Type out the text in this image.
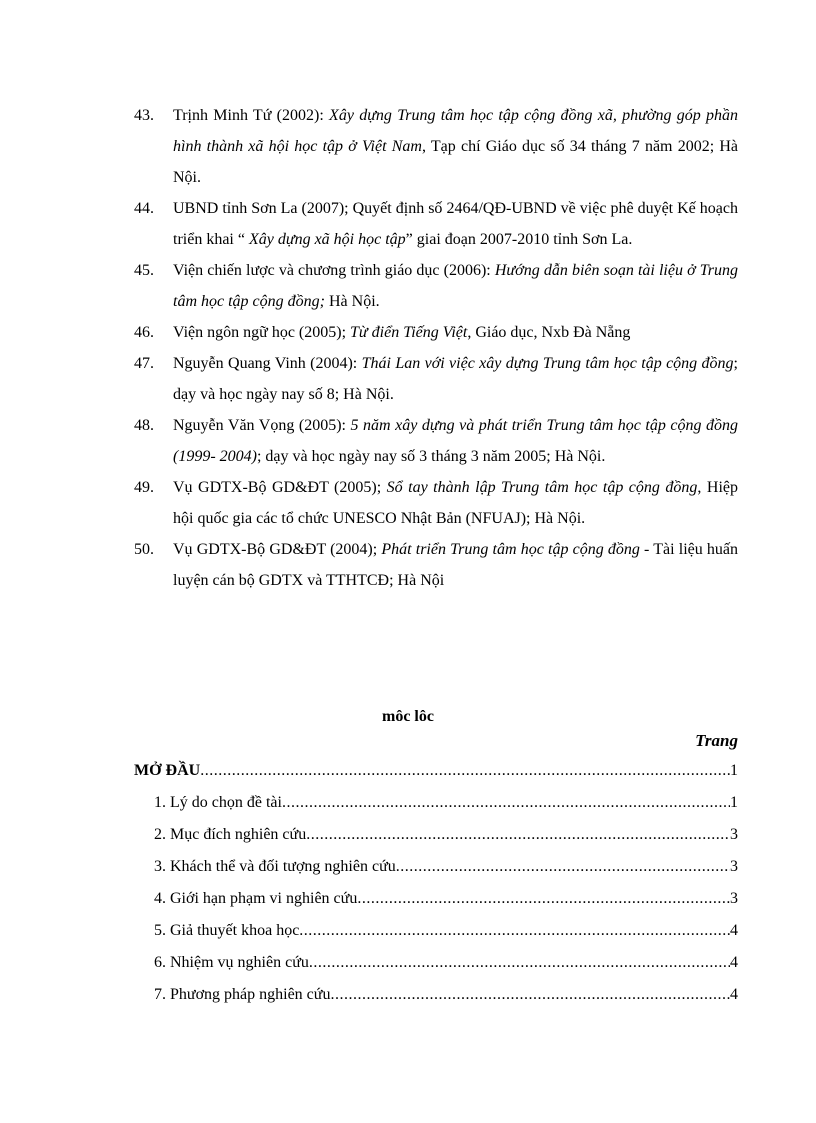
43.	Trịnh Minh Tứ (2002): Xây dựng Trung tâm học tập cộng đồng xã, phường góp phần hình thành xã hội học tập ở Việt Nam, Tạp chí Giáo dục số 34 tháng 7 năm 2002; Hà Nội.
44.	UBND tỉnh Sơn La (2007); Quyết định số 2464/QĐ-UBND về việc phê duyệt Kế hoạch triển khai “ Xây dựng xã hội học tập” giai đoạn 2007-2010 tỉnh Sơn La.
45.	Viện chiến lược và chương trình giáo dục (2006): Hướng dẫn biên soạn tài liệu ở Trung tâm học tập cộng đồng; Hà Nội.
46.	Viện ngôn ngữ học (2005); Từ điển Tiếng Việt, Giáo dục, Nxb Đà Nẵng
47.	Nguyễn Quang Vinh (2004): Thái Lan với việc xây dựng Trung tâm học tập cộng đồng; dạy và học ngày nay số 8; Hà Nội.
48.	Nguyễn Văn Vọng (2005): 5 năm xây dựng và phát triển Trung tâm học tập cộng đồng (1999- 2004); dạy và học ngày nay số 3 tháng 3 năm 2005; Hà Nội.
49.	Vụ GDTX-Bộ GD&ĐT (2005); Sổ tay thành lập Trung tâm học tập cộng đồng, Hiệp hội quốc gia các tổ chức UNESCO Nhật Bản (NFUAJ); Hà Nội.
50.	Vụ GDTX-Bộ GD&ĐT (2004); Phát triển Trung tâm học tập cộng đồng - Tài liệu huấn luyện cán bộ GDTX và TTHTCĐ; Hà Nội
môc lôc
Trang
MỞ ĐẦU .....	1
1. Lý do chọn đề tài .....	1
2. Mục đích nghiên cứu .....	3
3. Khách thể và đối tượng nghiên cứu .....	3
4. Giới hạn phạm vi nghiên cứu .....	3
5. Giả thuyết khoa học .....	4
6. Nhiệm vụ nghiên cứu .....	4
7. Phương pháp nghiên cứu .....	4
